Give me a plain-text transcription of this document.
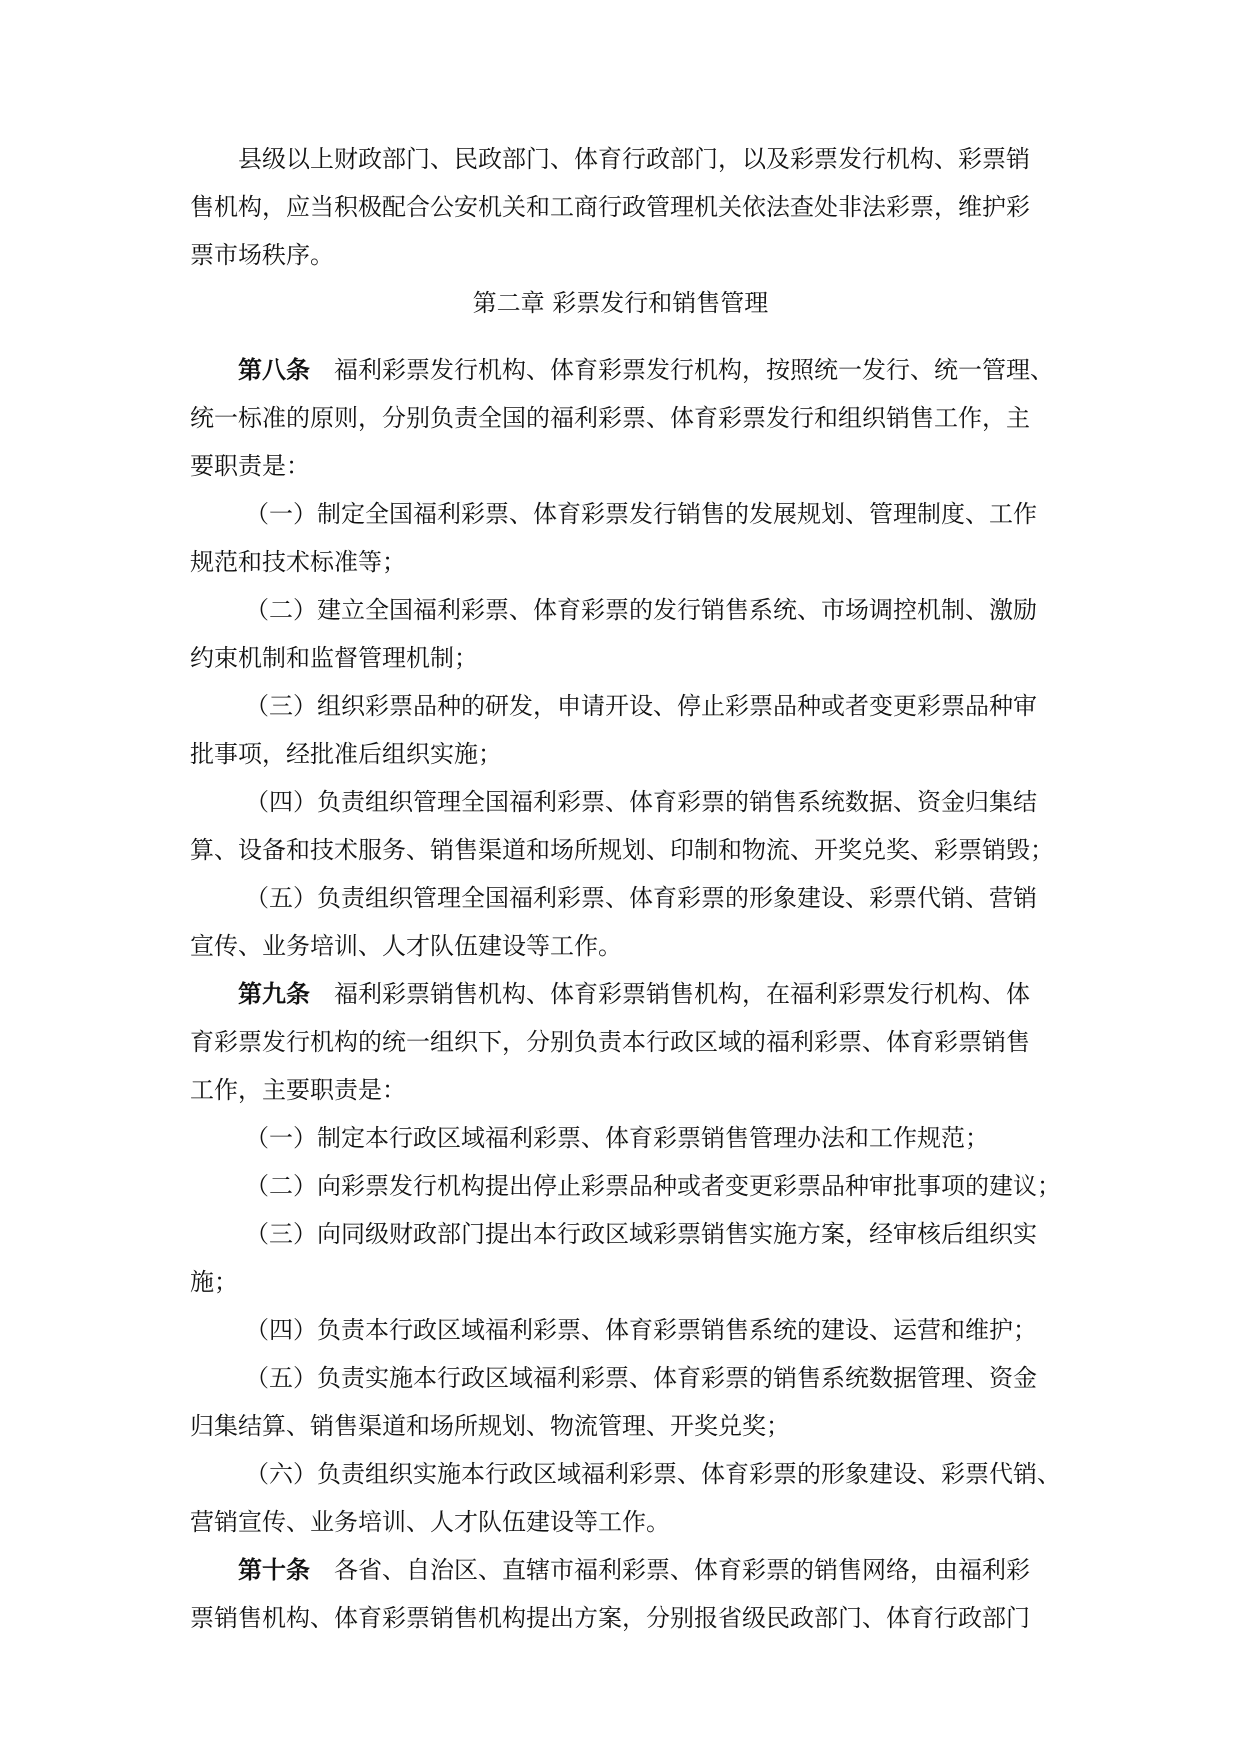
县级以上财政部门、民政部门、体育行政部门，以及彩票发行机构、彩票销
售机构，应当积极配合公安机关和工商行政管理机关依法查处非法彩票，维护彩
票市场秩序。
第二章 彩票发行和销售管理
第八条 福利彩票发行机构、体育彩票发行机构，按照统一发行、统一管理、
统一标准的原则，分别负责全国的福利彩票、体育彩票发行和组织销售工作，主
要职责是：
（一）制定全国福利彩票、体育彩票发行销售的发展规划、管理制度、工作
规范和技术标准等；
（二）建立全国福利彩票、体育彩票的发行销售系统、市场调控机制、激励
约束机制和监督管理机制；
（三）组织彩票品种的研发，申请开设、停止彩票品种或者变更彩票品种审
批事项，经批准后组织实施；
（四）负责组织管理全国福利彩票、体育彩票的销售系统数据、资金归集结
算、设备和技术服务、销售渠道和场所规划、印制和物流、开奖兑奖、彩票销毁；
（五）负责组织管理全国福利彩票、体育彩票的形象建设、彩票代销、营销
宣传、业务培训、人才队伍建设等工作。
第九条 福利彩票销售机构、体育彩票销售机构，在福利彩票发行机构、体
育彩票发行机构的统一组织下，分别负责本行政区域的福利彩票、体育彩票销售
工作，主要职责是：
（一）制定本行政区域福利彩票、体育彩票销售管理办法和工作规范；
（二）向彩票发行机构提出停止彩票品种或者变更彩票品种审批事项的建议；
（三）向同级财政部门提出本行政区域彩票销售实施方案，经审核后组织实
施；
（四）负责本行政区域福利彩票、体育彩票销售系统的建设、运营和维护；
（五）负责实施本行政区域福利彩票、体育彩票的销售系统数据管理、资金
归集结算、销售渠道和场所规划、物流管理、开奖兑奖；
（六）负责组织实施本行政区域福利彩票、体育彩票的形象建设、彩票代销、
营销宣传、业务培训、人才队伍建设等工作。
第十条 各省、自治区、直辖市福利彩票、体育彩票的销售网络，由福利彩
票销售机构、体育彩票销售机构提出方案，分别报省级民政部门、体育行政部门
